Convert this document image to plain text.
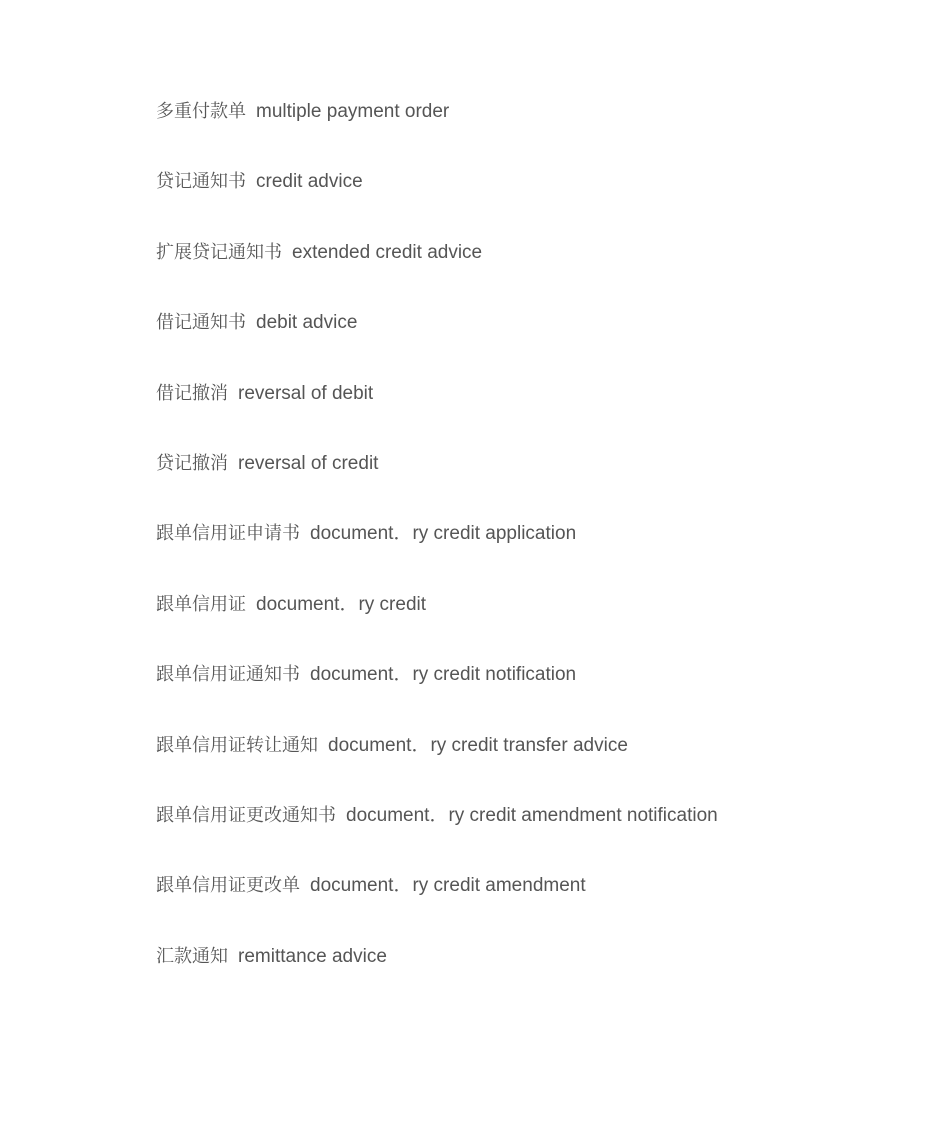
多重付款单 multiple payment order
贷记通知书 credit advice
扩展贷记通知书 extended credit advice
借记通知书 debit advice
借记撤消 reversal of debit
贷记撤消 reversal of credit
跟单信用证申请书 document．ry credit application
跟单信用证 document．ry credit
跟单信用证通知书 document．ry credit notification
跟单信用证转让通知 document．ry credit transfer advice
跟单信用证更改通知书 document．ry credit amendment notification
跟单信用证更改单 document．ry credit amendment
汇款通知 remittance advice
